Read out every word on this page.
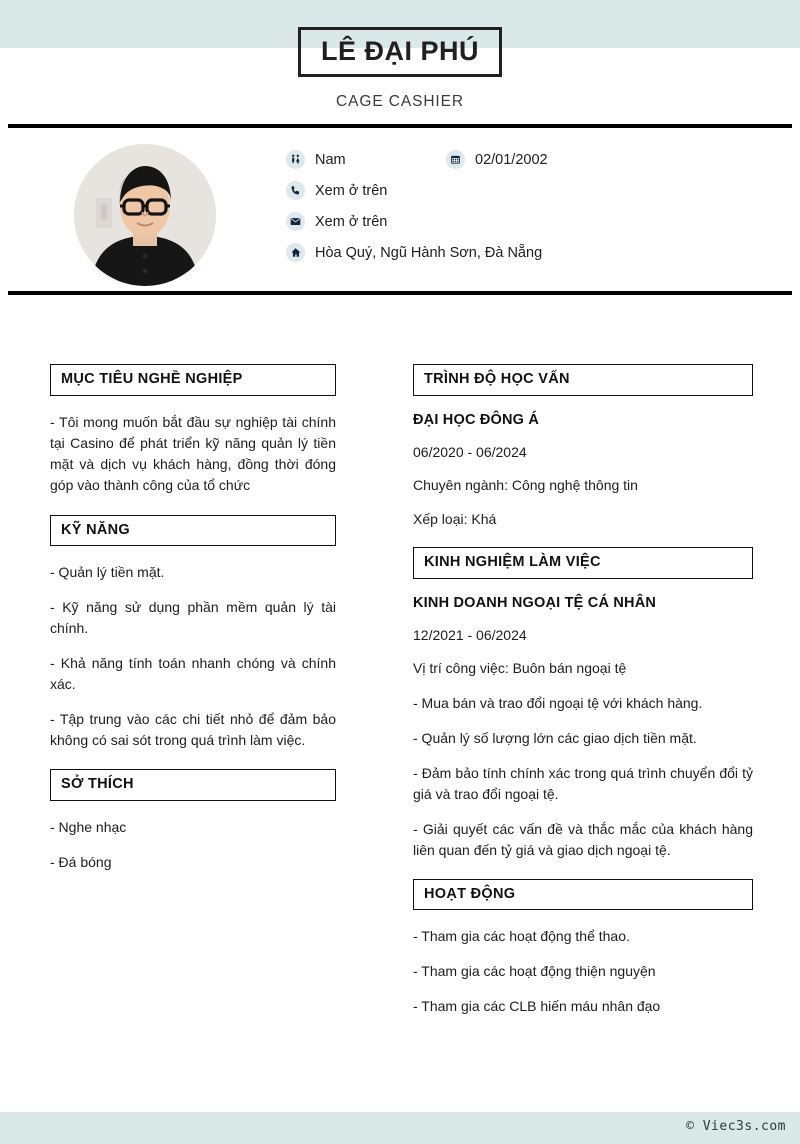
LÊ ĐẠI PHÚ
CAGE CASHIER
Nam	02/01/2002
Xem ở trên
Xem ở trên
Hòa Quý, Ngũ Hành Sơn, Đà Nẵng
MỤC TIÊU NGHỀ NGHIỆP
- Tôi mong muốn bắt đầu sự nghiệp tài chính tại Casino để phát triển kỹ năng quản lý tiền mặt và dịch vụ khách hàng, đồng thời đóng góp vào thành công của tổ chức
KỸ NĂNG
- Quản lý tiền mặt.
- Kỹ năng sử dụng phần mềm quản lý tài chính.
- Khả năng tính toán nhanh chóng và chính xác.
- Tập trung vào các chi tiết nhỏ để đảm bảo không có sai sót trong quá trình làm việc.
SỞ THÍCH
- Nghe nhạc
- Đá bóng
TRÌNH ĐỘ HỌC VẤN
ĐẠI HỌC ĐÔNG Á
06/2020 - 06/2024
Chuyên ngành: Công nghệ thông tin
Xếp loại: Khá
KINH NGHIỆM LÀM VIỆC
KINH DOANH NGOẠI TỆ CÁ NHÂN
12/2021 - 06/2024
Vị trí công việc: Buôn bán ngoại tệ
- Mua bán và trao đổi ngoại tệ với khách hàng.
- Quản lý số lượng lớn các giao dịch tiền mặt.
- Đảm bảo tính chính xác trong quá trình chuyển đổi tỷ giá và trao đổi ngoại tệ.
- Giải quyết các vấn đề và thắc mắc của khách hàng liên quan đến tỷ giá và giao dịch ngoại tệ.
HOẠT ĐỘNG
- Tham gia các hoạt động thể thao.
- Tham gia các hoạt động thiện nguyện
- Tham gia các CLB hiến máu nhân đạo
© Viec3s.com
